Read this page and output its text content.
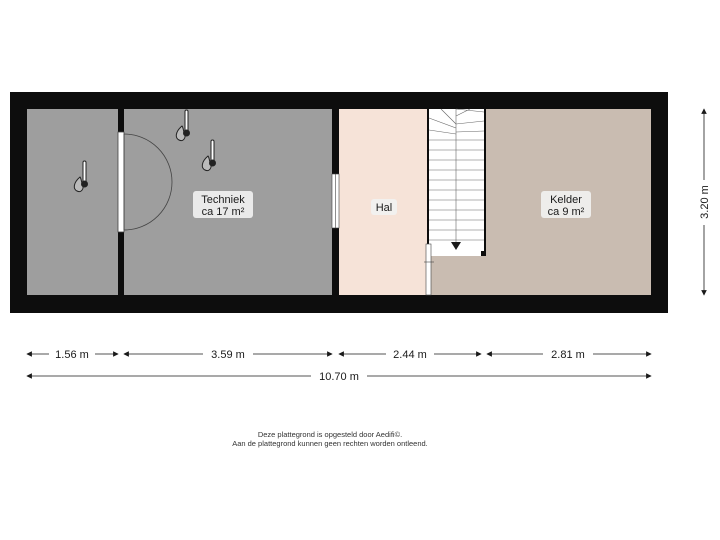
Techniek
ca 17 m²	Hal
Kelder
ca 9 m²
1.56 m	3.59 m	2.44 m	2.81 m
10.70 m
3.20 m
Deze plattegrond is opgesteld door Aedifi©.
Aan de plattegrond kunnen geen rechten worden ontleend.
